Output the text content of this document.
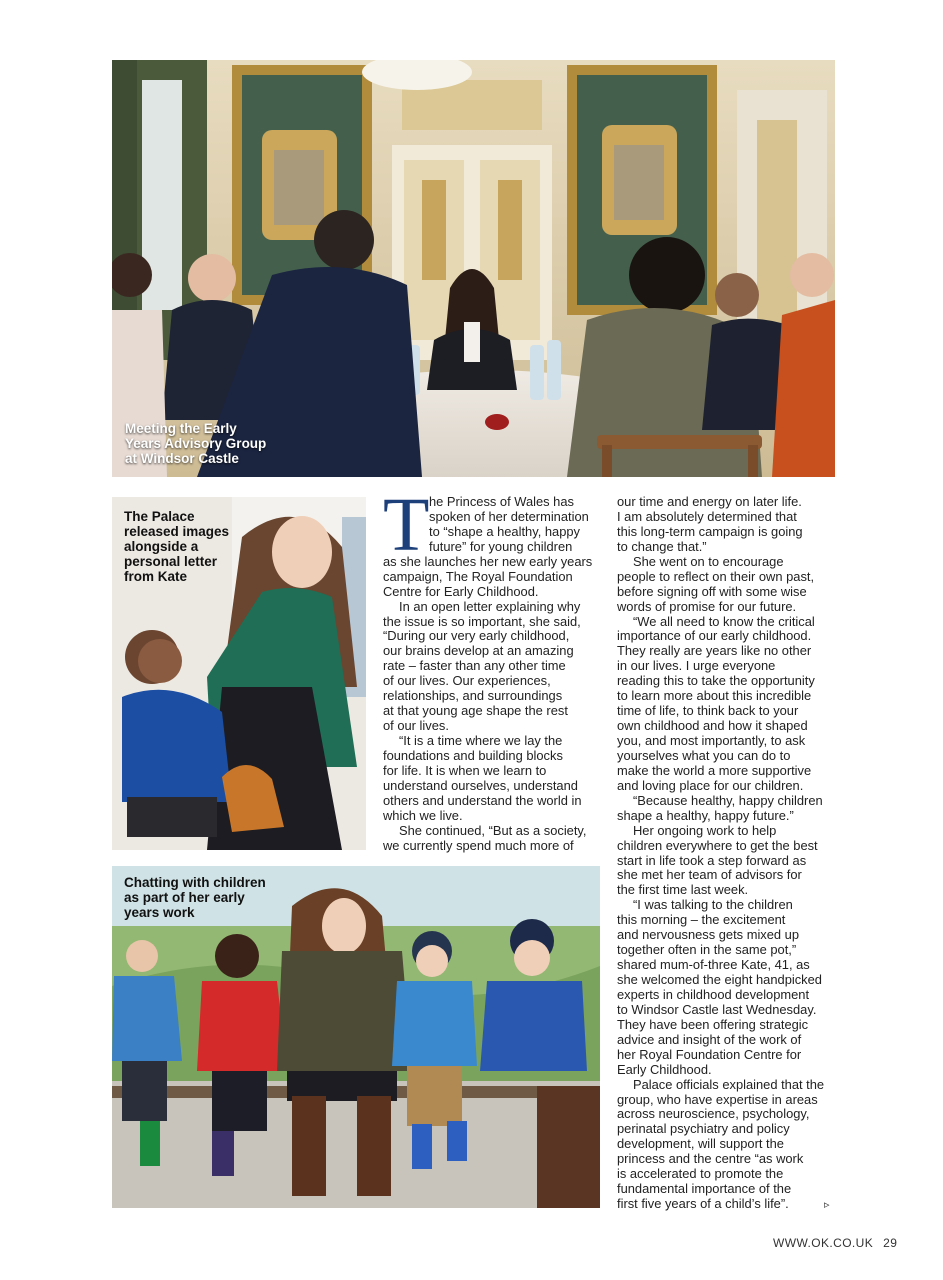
Meeting the Early
Years Advisory Group
at Windsor Castle
The Palace
released images
alongside a
personal letter
from Kate
Chatting with children
as part of her early
years work
T he Princess of Wales has
spoken of her determination
to “shape a healthy, happy
future” for young children
as she launches her new early years
campaign, The Royal Foundation
Centre for Early Childhood.
In an open letter explaining why
the issue is so important, she said,
“During our very early childhood,
our brains develop at an amazing
rate – faster than any other time
of our lives. Our experiences,
relationships, and surroundings
at that young age shape the rest
of our lives.
“It is a time where we lay the
foundations and building blocks
for life. It is when we learn to
understand ourselves, understand
others and understand the world in
which we live.
She continued, “But as a society,
we currently spend much more of
our time and energy on later life.
I am absolutely determined that
this long-term campaign is going
to change that.”
She went on to encourage
people to reflect on their own past,
before signing off with some wise
words of promise for our future.
“We all need to know the critical
importance of our early childhood.
They really are years like no other
in our lives. I urge everyone
reading this to take the opportunity
to learn more about this incredible
time of life, to think back to your
own childhood and how it shaped
you, and most importantly, to ask
yourselves what you can do to
make the world a more supportive
and loving place for our children.
“Because healthy, happy children
shape a healthy, happy future.”
Her ongoing work to help
children everywhere to get the best
start in life took a step forward as
she met her team of advisors for
the first time last week.
“I was talking to the children
this morning – the excitement
and nervousness gets mixed up
together often in the same pot,”
shared mum-of-three Kate, 41, as
she welcomed the eight handpicked
experts in childhood development
to Windsor Castle last Wednesday.
They have been offering strategic
advice and insight of the work of
her Royal Foundation Centre for
Early Childhood.
Palace officials explained that the
group, who have expertise in areas
across neuroscience, psychology,
perinatal psychiatry and policy
development, will support the
princess and the centre “as work
is accelerated to promote the
fundamental importance of the
first five years of a child’s life”.	▹
WWW.OK.CO.UK 29
